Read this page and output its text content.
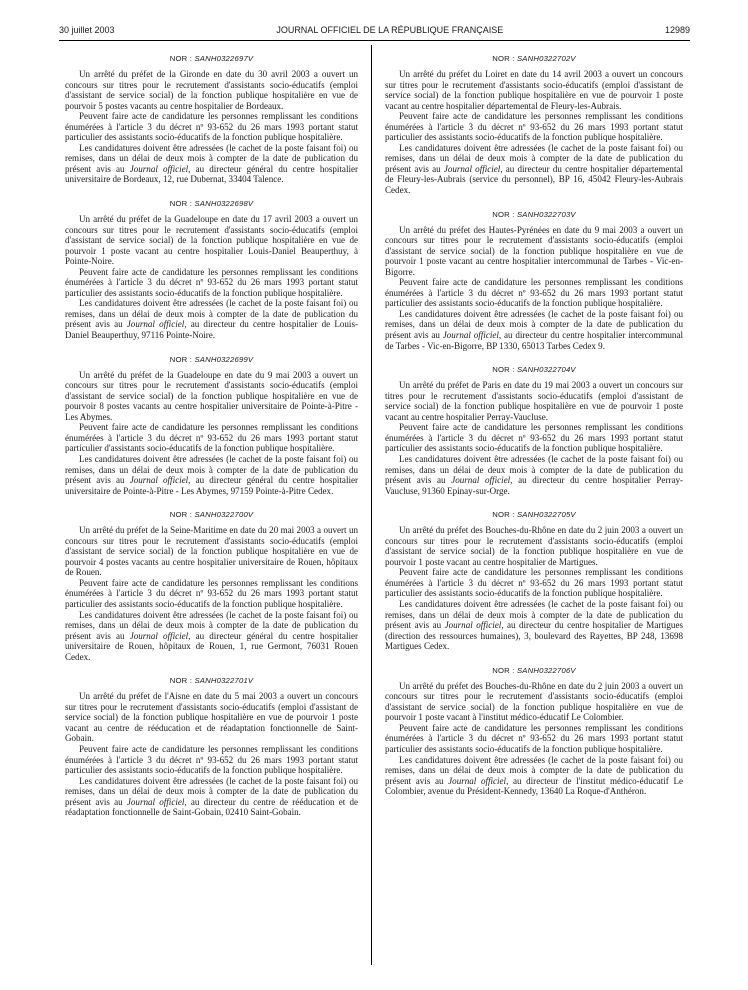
30 juillet 2003	JOURNAL OFFICIEL DE LA RÉPUBLIQUE FRANÇAISE	12989
NOR : SANH0322697V

Un arrêté du préfet de la Gironde en date du 30 avril 2003 a ouvert un concours sur titres pour le recrutement d'assistants socio-éducatifs (emploi d'assistant de service social) de la fonction publique hospitalière en vue de pourvoir 5 postes vacants au centre hospitalier de Bordeaux.

Peuvent faire acte de candidature les personnes remplissant les conditions énumérées à l'article 3 du décret nº 93-652 du 26 mars 1993 portant statut particulier des assistants socio-éducatifs de la fonction publique hospitalière.

Les candidatures doivent être adressées (le cachet de la poste faisant foi) ou remises, dans un délai de deux mois à compter de la date de publication du présent avis au Journal officiel, au directeur général du centre hospitalier universitaire de Bordeaux, 12, rue Dubernat, 33404 Talence.

NOR : SANH0322698V

Un arrêté du préfet de la Guadeloupe en date du 17 avril 2003 a ouvert un concours sur titres pour le recrutement d'assistants socio-éducatifs (emploi d'assistant de service social) de la fonction publique hospitalière en vue de pourvoir 1 poste vacant au centre hospitalier Louis-Daniel Beauperthuy, à Pointe-Noire.

Peuvent faire acte de candidature les personnes remplissant les conditions énumérées à l'article 3 du décret nº 93-652 du 26 mars 1993 portant statut particulier des assistants socio-éducatifs de la fonction publique hospitalière.

Les candidatures doivent être adressées (le cachet de la poste faisant foi) ou remises, dans un délai de deux mois à compter de la date de publication du présent avis au Journal officiel, au directeur du centre hospitalier de Louis-Daniel Beauperthuy, 97116 Pointe-Noire.

NOR : SANH0322699V

Un arrêté du préfet de la Guadeloupe en date du 9 mai 2003 a ouvert un concours sur titres pour le recrutement d'assistants socio-éducatifs (emploi d'assistant de service social) de la fonction publique hospitalière en vue de pourvoir 8 postes vacants au centre hospitalier universitaire de Pointe-à-Pitre - Les Abymes.

Peuvent faire acte de candidature les personnes remplissant les conditions énumérées à l'article 3 du décret nº 93-652 du 26 mars 1993 portant statut particulier d'assistants socio-éducatifs de la fonction publique hospitalière.

Les candidatures doivent être adressées (le cachet de la poste faisant foi) ou remises, dans un délai de deux mois à compter de la date de publication du présent avis au Journal officiel, au directeur général du centre hospitalier universitaire de Pointe-à-Pitre - Les Abymes, 97159 Pointe-à-Pitre Cedex.

NOR : SANH0322700V

Un arrêté du préfet de la Seine-Maritime en date du 20 mai 2003 a ouvert un concours sur titres pour le recrutement d'assistants socio-éducatifs (emploi d'assistant de service social) de la fonction publique hospitalière en vue de pourvoir 4 postes vacants au centre hospitalier universitaire de Rouen, hôpitaux de Rouen.

Peuvent faire acte de candidature les personnes remplissant les conditions énumérées à l'article 3 du décret nº 93-652 du 26 mars 1993 portant statut particulier des assistants socio-éducatifs de la fonction publique hospitalière.

Les candidatures doivent être adressées (le cachet de la poste faisant foi) ou remises, dans un délai de deux mois à compter de la date de publication du présent avis au Journal officiel, au directeur général du centre hospitalier universitaire de Rouen, hôpitaux de Rouen, 1, rue Germont, 76031 Rouen Cedex.

NOR : SANH0322701V

Un arrêté du préfet de l'Aisne en date du 5 mai 2003 a ouvert un concours sur titres pour le recrutement d'assistants socio-éducatifs (emploi d'assistant de service social) de la fonction publique hospitalière en vue de pourvoir 1 poste vacant au centre de rééducation et de réadaptation fonctionnelle de Saint-Gobain.

Peuvent faire acte de candidature les personnes remplissant les conditions énumérées à l'article 3 du décret nº 93-652 du 26 mars 1993 portant statut particulier des assistants socio-éducatifs de la fonction publique hospitalière.

Les candidatures doivent être adressées (le cachet de la poste faisant foi) ou remises, dans un délai de deux mois à compter de la date de publication du présent avis au Journal officiel, au directeur du centre de rééducation et de réadaptation fonctionnelle de Saint-Gobain, 02410 Saint-Gobain.

NOR : SANH0322702V

Un arrêté du préfet du Loiret en date du 14 avril 2003 a ouvert un concours sur titres pour le recrutement d'assistants socio-éducatifs (emploi d'assistant de service social) de la fonction publique hospitalière en vue de pourvoir 1 poste vacant au centre hospitalier départemental de Fleury-les-Aubrais.

Peuvent faire acte de candidature les personnes remplissant les conditions énumérées à l'article 3 du décret nº 93-652 du 26 mars 1993 portant statut particulier des assistants socio-éducatifs de la fonction publique hospitalière.

Les candidatures doivent être adressées (le cachet de la poste faisant foi) ou remises, dans un délai de deux mois à compter de la date de publication du présent avis au Journal officiel, au directeur du centre hospitalier départemental de Fleury-les-Aubrais (service du personnel), BP 16, 45042 Fleury-les-Aubrais Cedex.

NOR : SANH0322703V

Un arrêté du préfet des Hautes-Pyrénées en date du 9 mai 2003 a ouvert un concours sur titres pour le recrutement d'assistants socio-éducatifs (emploi d'assistant de service social) de la fonction publique hospitalière en vue de pourvoir 1 poste vacant au centre hospitalier intercommunal de Tarbes - Vic-en-Bigorre.

Peuvent faire acte de candidature les personnes remplissant les conditions énumérées à l'article 3 du décret nº 93-652 du 26 mars 1993 portant statut particulier des assistants socio-éducatifs de la fonction publique hospitalière.

Les candidatures doivent être adressées (le cachet de la poste faisant foi) ou remises, dans un délai de deux mois à compter de la date de publication du présent avis au Journal officiel, au directeur du centre hospitalier intercommunal de Tarbes - Vic-en-Bigorre, BP 1330, 65013 Tarbes Cedex 9.

NOR : SANH0322704V

Un arrêté du préfet de Paris en date du 19 mai 2003 a ouvert un concours sur titres pour le recrutement d'assistants socio-éducatifs (emploi d'assistant de service social) de la fonction publique hospitalière en vue de pourvoir 1 poste vacant au centre hospitalier Perray-Vaucluse.

Peuvent faire acte de candidature les personnes remplissant les conditions énumérées à l'article 3 du décret nº 93-652 du 26 mars 1993 portant statut particulier des assistants socio-éducatifs de la fonction publique hospitalière.

Les candidatures doivent être adressées (le cachet de la poste faisant foi) ou remises, dans un délai de deux mois à compter de la date de publication du présent avis au Journal officiel, au directeur du centre hospitalier Perray-Vaucluse, 91360 Epinay-sur-Orge.

NOR : SANH0322705V

Un arrêté du préfet des Bouches-du-Rhône en date du 2 juin 2003 a ouvert un concours sur titres pour le recrutement d'assistants socio-éducatifs (emploi d'assistant de service social) de la fonction publique hospitalière en vue de pourvoir 1 poste vacant au centre hospitalier de Martigues.

Peuvent faire acte de candidature les personnes remplissant les conditions énumérées à l'article 3 du décret nº 93-652 du 26 mars 1993 portant statut particulier des assistants socio-éducatifs de la fonction publique hospitalière.

Les candidatures doivent être adressées (le cachet de la poste faisant foi) ou remises, dans un délai de deux mois à compter de la date de publication du présent avis au Journal officiel, au directeur du centre hospitalier de Martigues (direction des ressources humaines), 3, boulevard des Rayettes, BP 248, 13698 Martigues Cedex.

NOR : SANH0322706V

Un arrêté du préfet des Bouches-du-Rhône en date du 2 juin 2003 a ouvert un concours sur titres pour le recrutement d'assistants socio-éducatifs (emploi d'assistant de service social) de la fonction publique hospitalière en vue de pourvoir 1 poste vacant à l'institut médico-éducatif Le Colombier.

Peuvent faire acte de candidature les personnes remplissant les conditions énumérées à l'article 3 du décret nº 93-652 du 26 mars 1993 portant statut particulier des assistants socio-éducatifs de la fonction publique hospitalière.

Les candidatures doivent être adressées (le cachet de la poste faisant foi) ou remises, dans un délai de deux mois à compter de la date de publication du présent avis au Journal officiel, au directeur de l'institut médico-éducatif Le Colombier, avenue du Président-Kennedy, 13640 La Roque-d'Anthéron.
